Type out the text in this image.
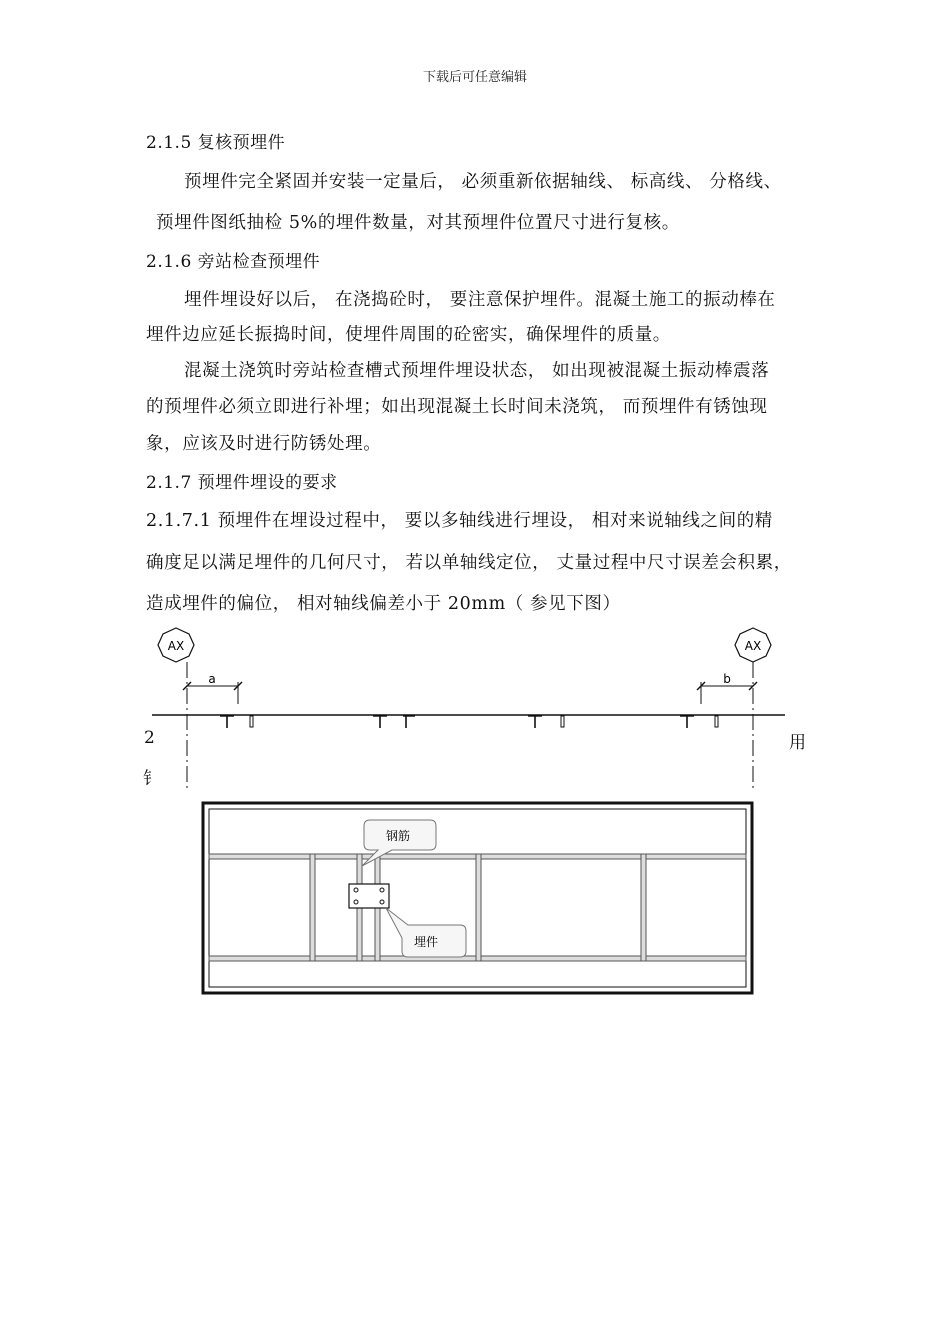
下载后可任意编辑
2.1.5 复核预埋件
预埋件完全紧固并安装一定量后， 必须重新依据轴线、 标高线、 分格线、
预埋件图纸抽检 5%的埋件数量，对其预埋件位置尺寸进行复核。
2.1.6 旁站检查预埋件
埋件埋设好以后， 在浇捣砼时， 要注意保护埋件。混凝土施工的振动棒在
埋件边应延长振捣时间，使埋件周围的砼密实，确保埋件的质量。
混凝土浇筑时旁站检查槽式预埋件埋设状态， 如出现被混凝土振动棒震落
的预埋件必须立即进行补埋；如出现混凝土长时间未浇筑， 而预埋件有锈蚀现
象，应该及时进行防锈处理。
2.1.7 预埋件埋设的要求
2.1.7.1 预埋件在埋设过程中， 要以多轴线进行埋设， 相对来说轴线之间的精
确度足以满足埋件的几何尺寸， 若以单轴线定位， 丈量过程中尺寸误差会积累，
造成埋件的偏位， 相对轴线偏差小于 20mm（ 参见下图）
2
钅
用
AX	AX
a	b
钢筋
埋件
